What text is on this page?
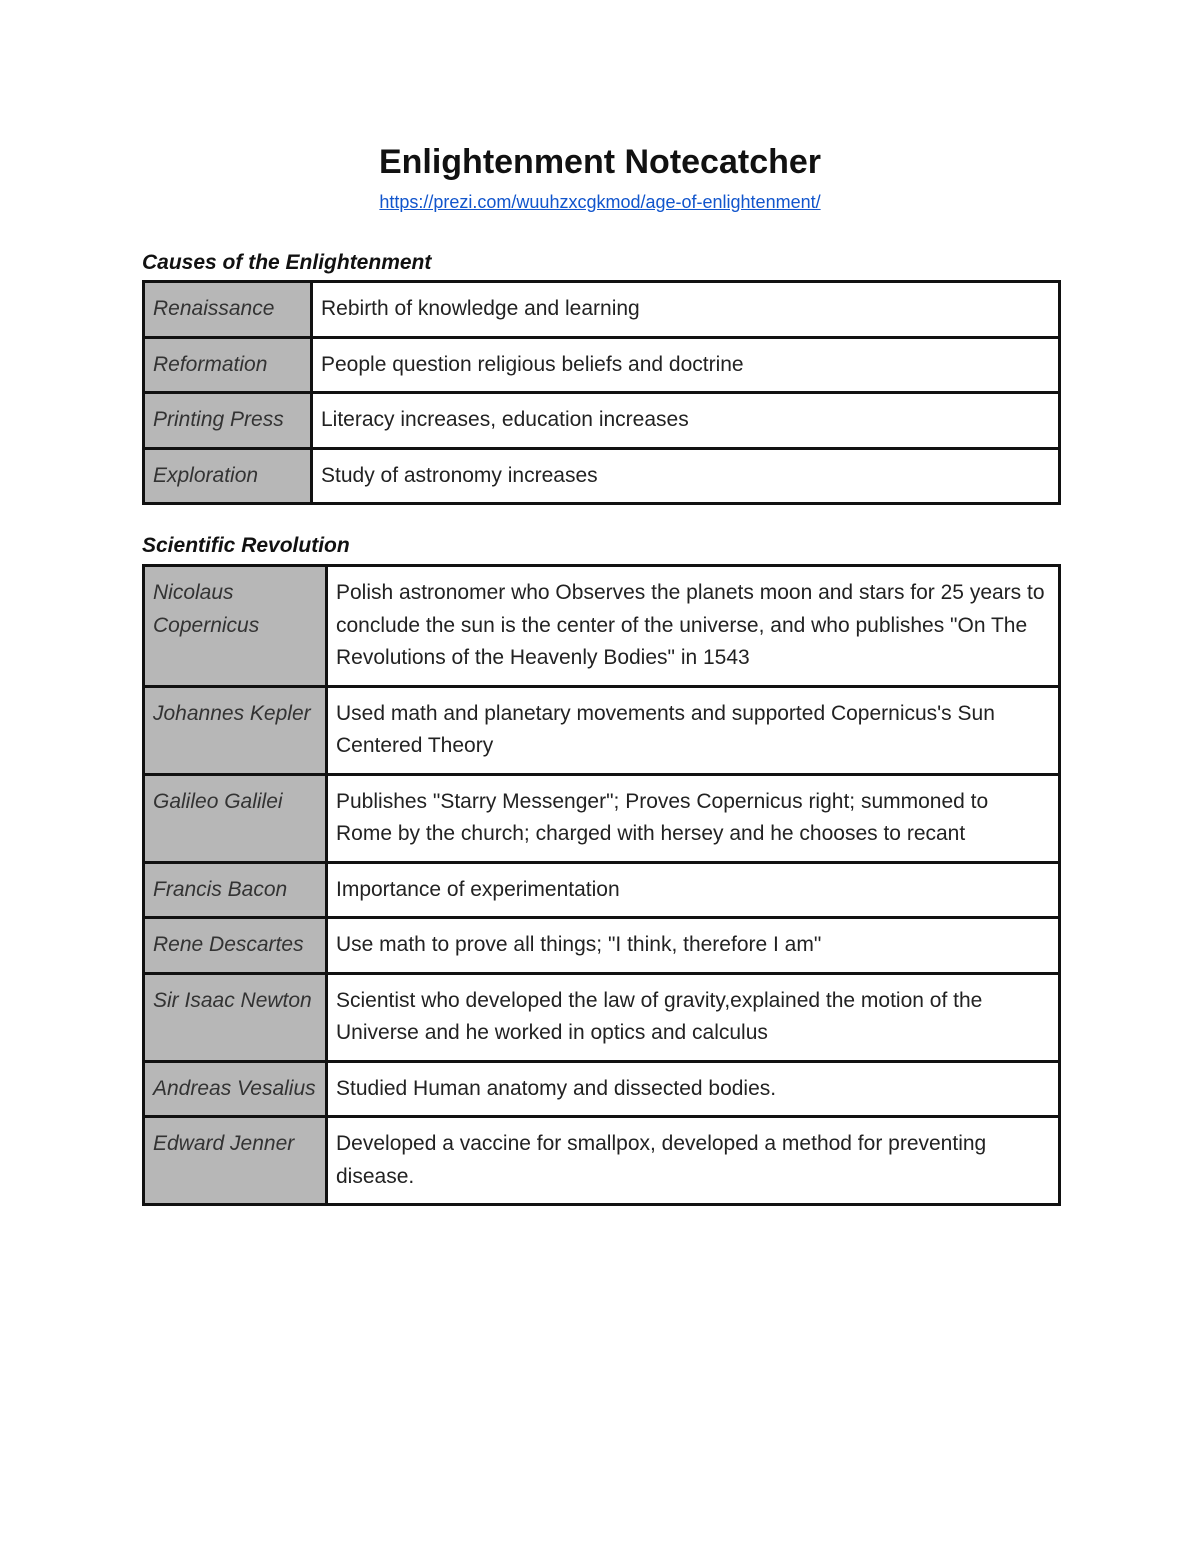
Enlightenment Notecatcher
https://prezi.com/wuuhzxcgkmod/age-of-enlightenment/
Causes of the Enlightenment
Renaissance	Rebirth of knowledge and learning
Reformation	People question religious beliefs and doctrine
Printing Press	Literacy increases, education increases
Exploration	Study of astronomy increases
Scientific Revolution
Nicolaus Copernicus	Polish astronomer who Observes the planets moon and stars for 25 years to conclude the sun is the center of the universe, and who publishes "On The Revolutions of the Heavenly Bodies" in 1543
Johannes Kepler	Used math and planetary movements and supported Copernicus's Sun Centered Theory
Galileo Galilei	Publishes "Starry Messenger"; Proves Copernicus right; summoned to Rome by the church; charged with hersey and he chooses to recant
Francis Bacon	Importance of experimentation
Rene Descartes	Use math to prove all things; "I think, therefore I am"
Sir Isaac Newton	Scientist who developed the law of gravity,explained the motion of the Universe and he worked in optics and calculus
Andreas Vesalius	Studied Human anatomy and dissected bodies.
Edward Jenner	Developed a vaccine for smallpox, developed a method for preventing disease.
